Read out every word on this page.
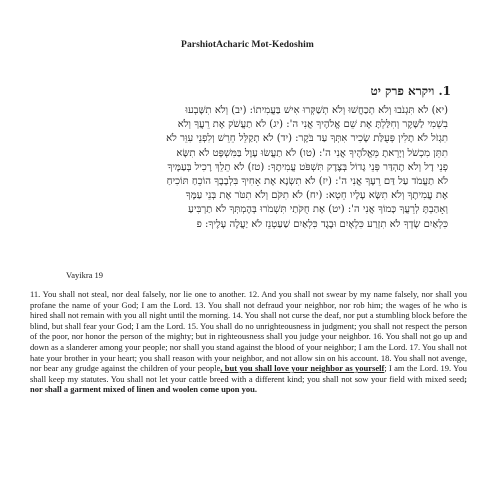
ParshiotAcharic Mot-Kedoshim
1. ויקרא פרק יט
(יא) לֹא תִּגְנֹבוּ וְלֹא תְכַחֲשׁוּ וְלֹא תְשַׁקְּרוּ אִישׁ בַּעֲמִיתוֹ: (יב) וְלֹא תִשָּׁבְעוּ
בִשְׁמִי לַשָּׁקֶר וְחִלַּלְתָּ אֶת שֵׁם אֱלֹהֶיךָ אֲנִי ה': (יג) לֹא תַעֲשֹׁק אֶת רֵעֲךָ וְלֹא
תִגְזֹל לֹא תָלִין פְּעֻלַּת שָׂכִיר אִתְּךָ עַד בֹּקֶר: (יד) לֹא תְקַלֵּל חֵרֵשׁ וְלִפְנֵי עִוֵּר לֹא
תִתֵּן מִכְשֹׁל וְיָרֵאתָ מֵּאֱלֹהֶיךָ אֲנִי ה': (טו) לֹא תַעֲשׂוּ עָוֶל בַּמִּשְׁפָּט לֹא תִשָּׂא
פְנֵי דָל וְלֹא תֶהְדַּר פְּנֵי גָדוֹל בְּצֶדֶק תִּשְׁפֹּט עֲמִיתֶךָ: (טז) לֹא תֵלֵךְ רָכִיל בְּעַמֶּיךָ
לֹא תַעֲמֹד עַל דַּם רֵעֶךָ אֲנִי ה': (יז) לֹא תִשְׂנָא אֶת אָחִיךָ בִּלְבָבֶךָ הוֹכֵחַ תּוֹכִיחַ
אֶת עֲמִיתֶךָ וְלֹא תִשָּׂא עָלָיו חֵטְא: (יח) לֹא תִקֹּם וְלֹא תִטֹּר אֶת בְּנֵי עַמֶּךָ
וְאָהַבְתָּ לְרֵעֲךָ כָּמוֹךָ אֲנִי ה': (יט) אֶת חֻקֹּתַי תִּשְׁמֹרוּ בְּהֶמְתְּךָ לֹא תַרְבִּיעַ
כִּלְאַיִם שָׂדְךָ לֹא תִזְרַע כִּלְאָיִם וּבֶגֶד כִּלְאַיִם שַׁעַטְנֵז לֹא יַעֲלֶה עָלֶיךָ: פ
Vayikra 19
11. You shall not steal, nor deal falsely, nor lie one to another. 12. And you shall not swear by my name falsely, nor shall you profane the name of your God; I am the Lord. 13. You shall not defraud your neighbor, nor rob him; the wages of he who is hired shall not remain with you all night until the morning. 14. You shall not curse the deaf, nor put a stumbling block before the blind, but shall fear your God; I am the Lord. 15. You shall do no unrighteousness in judgment; you shall not respect the person of the poor, nor honor the person of the mighty; but in righteousness shall you judge your neighbor. 16. You shall not go up and down as a slanderer among your people; nor shall you stand against the blood of your neighbor; I am the Lord. 17. You shall not hate your brother in your heart; you shall reason with your neighbor, and not allow sin on his account. 18. You shall not avenge, nor bear any grudge against the children of your people, but you shall love your neighbor as yourself; I am the Lord. 19. You shall keep my statutes. You shall not let your cattle breed with a different kind; you shall not sow your field with mixed seed; nor shall a garment mixed of linen and woolen come upon you.
